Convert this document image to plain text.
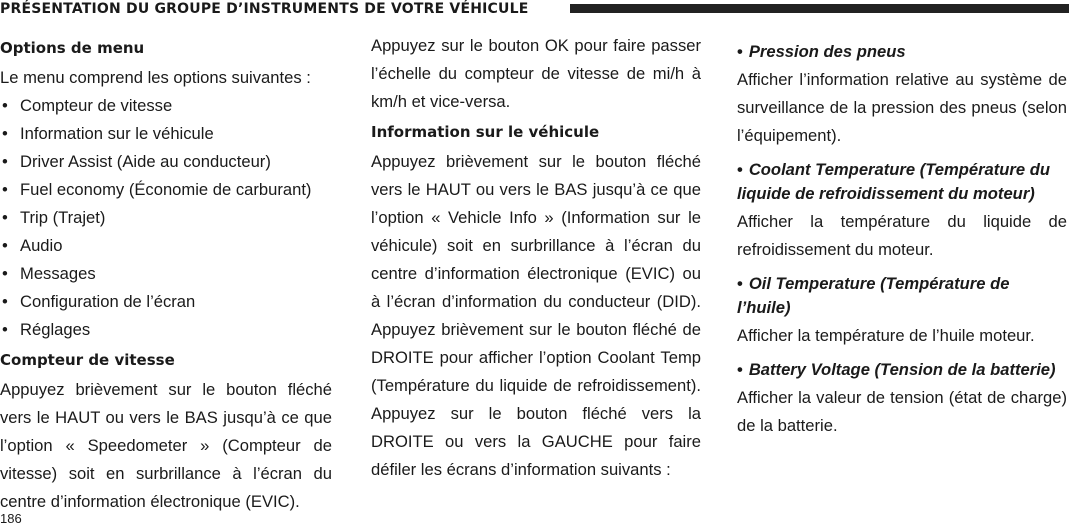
PRÉSENTATION DU GROUPE D’INSTRUMENTS DE VOTRE VÉHICULE
Options de menu

Le menu comprend les options suivantes :

• Compteur de vitesse
• Information sur le véhicule
• Driver Assist (Aide au conducteur)
• Fuel economy (Économie de carburant)
• Trip (Trajet)
• Audio
• Messages
• Configuration de l’écran
• Réglages
Compteur de vitesse

Appuyez brièvement sur le bouton fléché vers le HAUT ou vers le BAS jusqu’à ce que l’option « Speedometer » (Compteur de vitesse) soit en surbrillance à l’écran du centre d’information électronique (EVIC).

Appuyez sur le bouton OK pour faire passer l’échelle du compteur de vitesse de mi/h à km/h et vice-versa.

Information sur le véhicule

Appuyez brièvement sur le bouton fléché vers le HAUT ou vers le BAS jusqu’à ce que l’option « Vehicle Info » (Information sur le véhicule) soit en surbrillance à l’écran du centre d’information électronique (EVIC) ou à l’écran d’information du conducteur (DID). Appuyez brièvement sur le bouton fléché de DROITE pour afficher l’option Coolant Temp (Température du liquide de refroidissement). Appuyez sur le bouton fléché vers la DROITE ou vers la GAUCHE pour faire défiler les écrans d’information suivants :

• Pression des pneus

Afficher l’information relative au système de surveillance de la pression des pneus (selon l’équipement).

• Coolant Temperature (Température du liquide de refroidissement du moteur)

Afficher la température du liquide de refroidissement du moteur.

• Oil Temperature (Température de l’huile)

Afficher la température de l’huile moteur.

• Battery Voltage (Tension de la batterie)

Afficher la valeur de tension (état de charge) de la batterie.

186
